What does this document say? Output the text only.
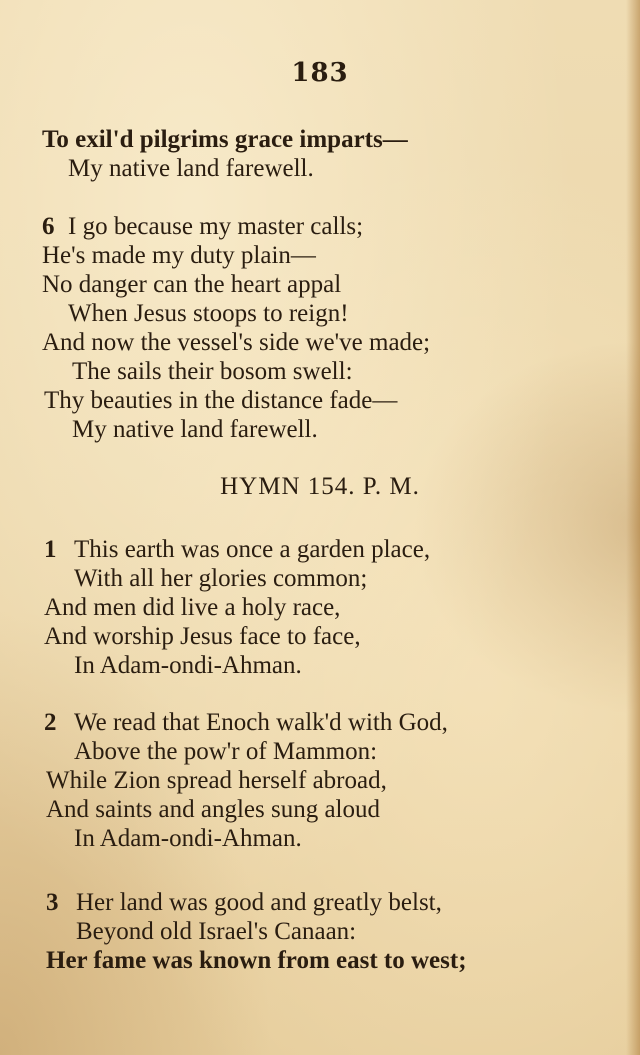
183
To exil'd pilgrims grace imparts—
My native land farewell.
6 I go because my master calls;
He's made my duty plain—
No danger can the heart appal
When Jesus stoops to reign!
And now the vessel's side we've made;
The sails their bosom swell:
Thy beauties in the distance fade—
My native land farewell.
HYMN 154. P. M.
1 This earth was once a garden place,
With all her glories common;
And men did live a holy race,
And worship Jesus face to face,
In Adam-ondi-Ahman.
2 We read that Enoch walk'd with God,
Above the pow'r of Mammon:
While Zion spread herself abroad,
And saints and angles sung aloud
In Adam-ondi-Ahman.
3 Her land was good and greatly belst,
Beyond old Israel's Canaan:
Her fame was known from east to west;
